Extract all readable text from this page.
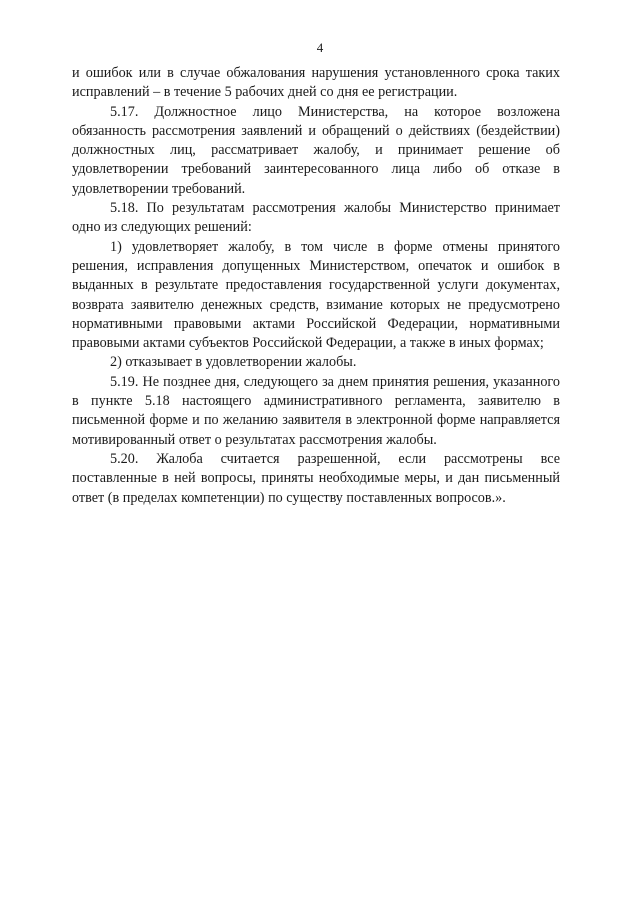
4

и ошибок или в случае обжалования нарушения установленного срока таких исправлений – в течение 5 рабочих дней со дня ее регистрации.

5.17. Должностное лицо Министерства, на которое возложена обязанность рассмотрения заявлений и обращений о действиях (бездействии) должностных лиц, рассматривает жалобу, и принимает решение об удовлетворении требований заинтересованного лица либо об отказе в удовлетворении требований.

5.18. По результатам рассмотрения жалобы Министерство принимает одно из следующих решений:

1) удовлетворяет жалобу, в том числе в форме отмены принятого решения, исправления допущенных Министерством, опечаток и ошибок в выданных в результате предоставления государственной услуги документах, возврата заявителю денежных средств, взимание которых не предусмотрено нормативными правовыми актами Российской Федерации, нормативными правовыми актами субъектов Российской Федерации, а также в иных формах;

2) отказывает в удовлетворении жалобы.

5.19. Не позднее дня, следующего за днем принятия решения, указанного в пункте 5.18 настоящего административного регламента, заявителю в письменной форме и по желанию заявителя в электронной форме направляется мотивированный ответ о результатах рассмотрения жалобы.

5.20. Жалоба считается разрешенной, если рассмотрены все поставленные в ней вопросы, приняты необходимые меры, и дан письменный ответ (в пределах компетенции) по существу поставленных вопросов.».
